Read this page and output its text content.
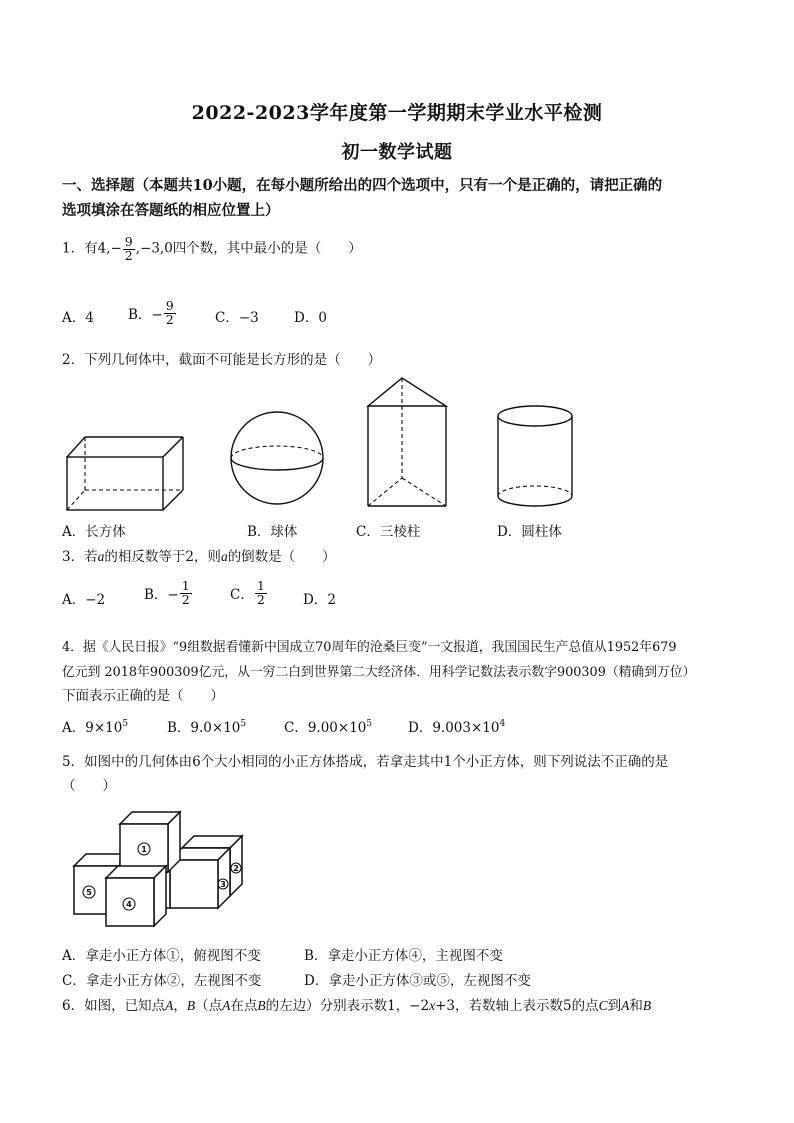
2022-2023学年度第一学期期末学业水平检测
初一数学试题
一、选择题（本题共10小题，在每小题所给出的四个选项中，只有一个是正确的，请把正确的
选项填涂在答题纸的相应位置上）
1．有$4,- \frac{9}{2} ,-3,0$四个数，其中最小的是（　　）
A．4	B．− $\frac{9}{2}$	C．−3	D．0
2．下列几何体中，截面不可能是长方形的是（　　）
A．长方体	B．球体	C．三棱柱	D．圆柱体
3．若a的相反数等于2，则a的倒数是（　　）
A．−2	B．− $\frac{1}{2}$	C． $\frac{1}{2}$	D．2
4．据《人民日报》“9组数据看懂新中国成立70周年的沧桑巨变”一文报道，我国国民生产总值从1952年679
亿元到 2018年900309亿元，从一穷二白到世界第二大经济体．用科学记数法表示数字900309（精确到万位）
下面表示正确的是（　　）
A．$9\times 10^5$	B．$9.0\times 10^5$	C．$9.00\times 10^5$	D．$9.003\times 10^4$
5．如图中的几何体由6个大小相同的小正方体搭成，若拿走其中1个小正方体，则下列说法不正确的是
（　　）
1
2
3
4
5
A．拿走小正方体①，俯视图不变	B．拿走小正方体④，主视图不变
C．拿走小正方体②，左视图不变	D．拿走小正方体③或⑤，左视图不变
6．如图，已知点A，B（点A在点B的左边）分别表示数1，−2x+3，若数轴上表示数5的点C到A和B
